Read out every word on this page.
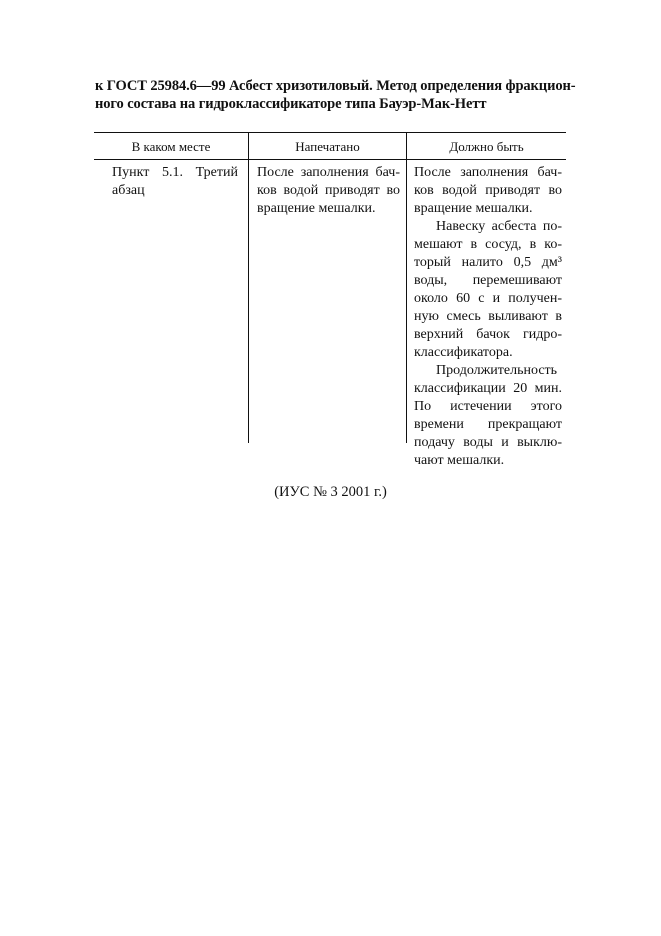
к ГОСТ 25984.6—99 Асбест хризотиловый. Метод определения фракцион-
ного состава на гидроклассификаторе типа Бауэр-Мак-Нетт
В каком месте	Напечатано	Должно быть
Пункт 5.1. Третий
абзац
После заполнения бач-
ков водой приводят во
вращение мешалки.
После заполнения бач-
ков водой приводят во
вращение мешалки.
Навеску асбеста по-
мешают в сосуд, в ко-
торый налито 0,5 дм³
воды, перемешивают
около 60 с и получен-
ную смесь выливают в
верхний бачок гидро-
классификатора.
Продолжительность
классификации 20 мин.
По истечении этого
времени прекращают
подачу воды и выклю-
чают мешалки.
(ИУС № 3 2001 г.)
